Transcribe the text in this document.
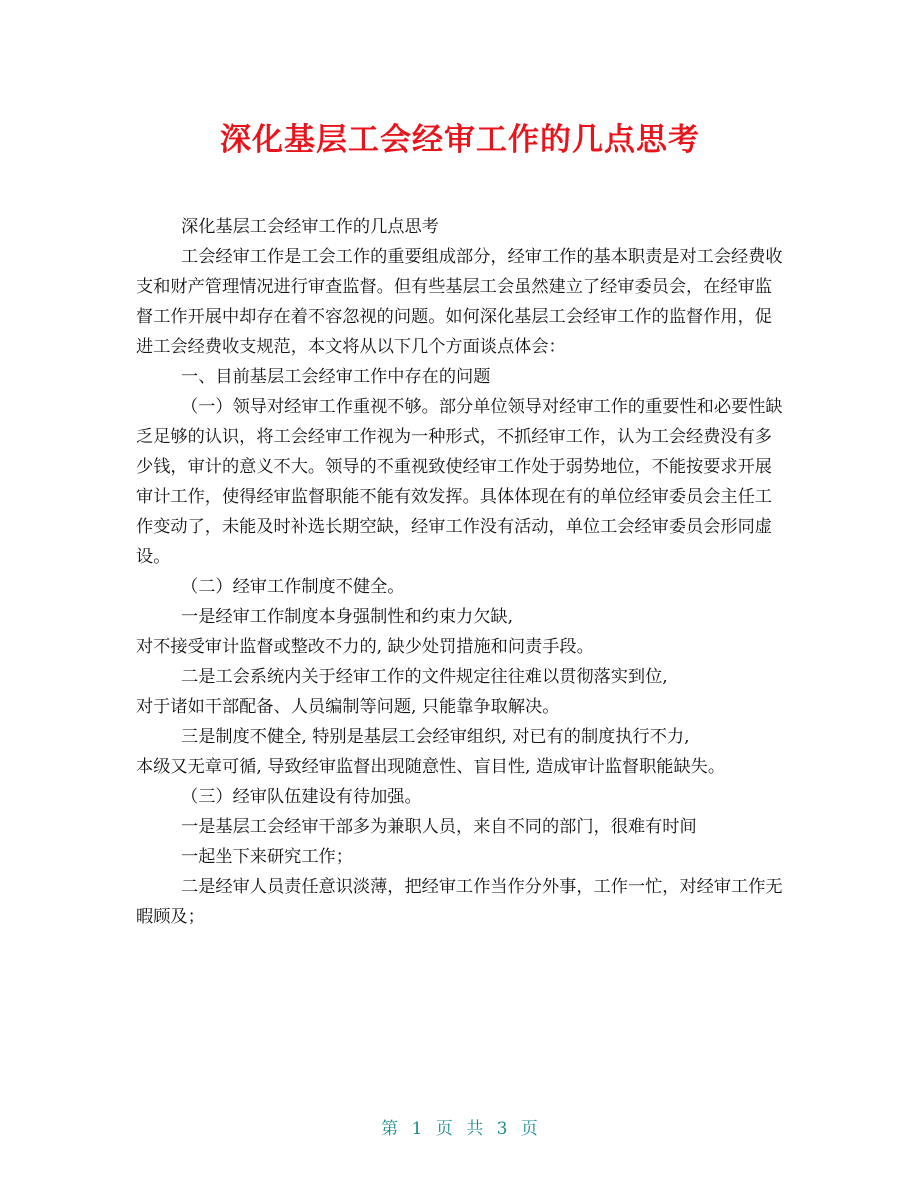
深化基层工会经审工作的几点思考

深化基层工会经审工作的几点思考

工会经审工作是工会工作的重要组成部分，经审工作的基本职责是对工会经费收支和财产管理情况进行审查监督。但有些基层工会虽然建立了经审委员会，在经审监督工作开展中却存在着不容忽视的问题。如何深化基层工会经审工作的监督作用，促进工会经费收支规范，本文将从以下几个方面谈点体会：

一、目前基层工会经审工作中存在的问题

（一）领导对经审工作重视不够。部分单位领导对经审工作的重要性和必要性缺乏足够的认识，将工会经审工作视为一种形式，不抓经审工作，认为工会经费没有多少钱，审计的意义不大。领导的不重视致使经审工作处于弱势地位，不能按要求开展审计工作，使得经审监督职能不能有效发挥。具体体现在有的单位经审委员会主任工作变动了，未能及时补选长期空缺，经审工作没有活动，单位工会经审委员会形同虚设。

（二）经审工作制度不健全。

一是经审工作制度本身强制性和约束力欠缺,

对不接受审计监督或整改不力的, 缺少处罚措施和问责手段。

二是工会系统内关于经审工作的文件规定往往难以贯彻落实到位,

对于诸如干部配备、人员编制等问题, 只能靠争取解决。

三是制度不健全, 特别是基层工会经审组织, 对已有的制度执行不力,

本级又无章可循, 导致经审监督出现随意性、盲目性, 造成审计监督职能缺失。

（三）经审队伍建设有待加强。

一是基层工会经审干部多为兼职人员，来自不同的部门，很难有时间

一起坐下来研究工作；

二是经审人员责任意识淡薄，把经审工作当作分外事，工作一忙，对经审工作无暇顾及；

第 1 页 共 3 页
